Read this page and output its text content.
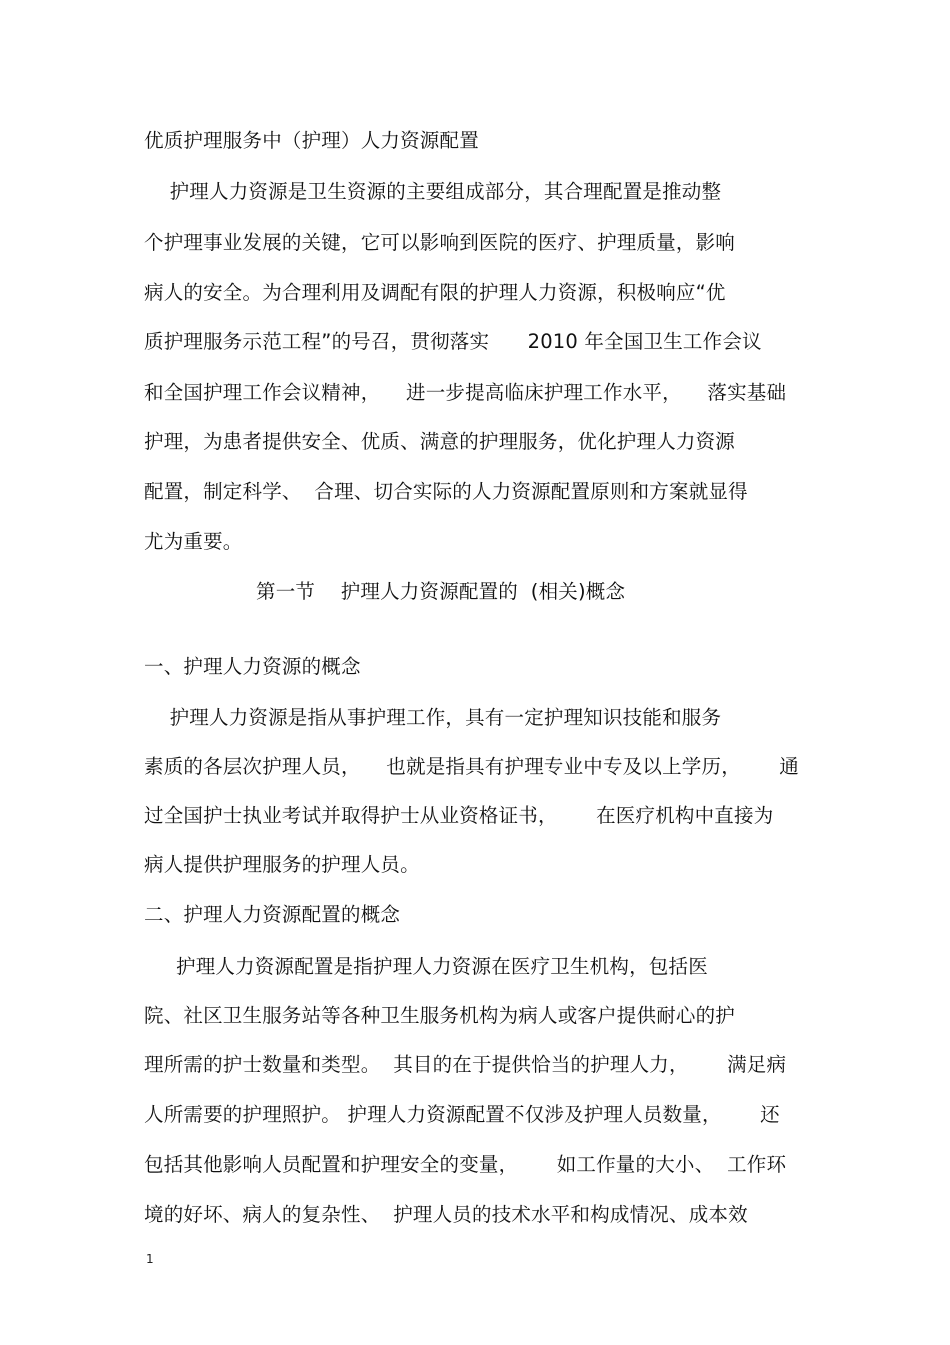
优质护理服务中（护理）人力资源配置
护理人力资源是卫生资源的主要组成部分，其合理配置是推动整
个护理事业发展的关键，它可以影响到医院的医疗、护理质量，影响
病人的安全。为合理利用及调配有限的护理人力资源，积极响应“优
质护理服务示范工程”的号召，贯彻落实      2010 年全国卫生工作会议
和全国护理工作会议精神，    进一步提高临床护理工作水平，    落实基础
护理，为患者提供安全、优质、满意的护理服务，优化护理人力资源
配置，制定科学、  合理、切合实际的人力资源配置原则和方案就显得
尤为重要。
第一节    护理人力资源配置的  (相关)概念
一、护理人力资源的概念
护理人力资源是指从事护理工作，具有一定护理知识技能和服务
素质的各层次护理人员，    也就是指具有护理专业中专及以上学历，      通
过全国护士执业考试并取得护士从业资格证书，      在医疗机构中直接为
病人提供护理服务的护理人员。
二、护理人力资源配置的概念
护理人力资源配置是指护理人力资源在医疗卫生机构，包括医
院、社区卫生服务站等各种卫生服务机构为病人或客户提供耐心的护
理所需的护士数量和类型。  其目的在于提供恰当的护理人力，      满足病
人所需要的护理照护。 护理人力资源配置不仅涉及护理人员数量，      还
包括其他影响人员配置和护理安全的变量，      如工作量的大小、  工作环
境的好坏、病人的复杂性、  护理人员的技术水平和构成情况、成本效
1
